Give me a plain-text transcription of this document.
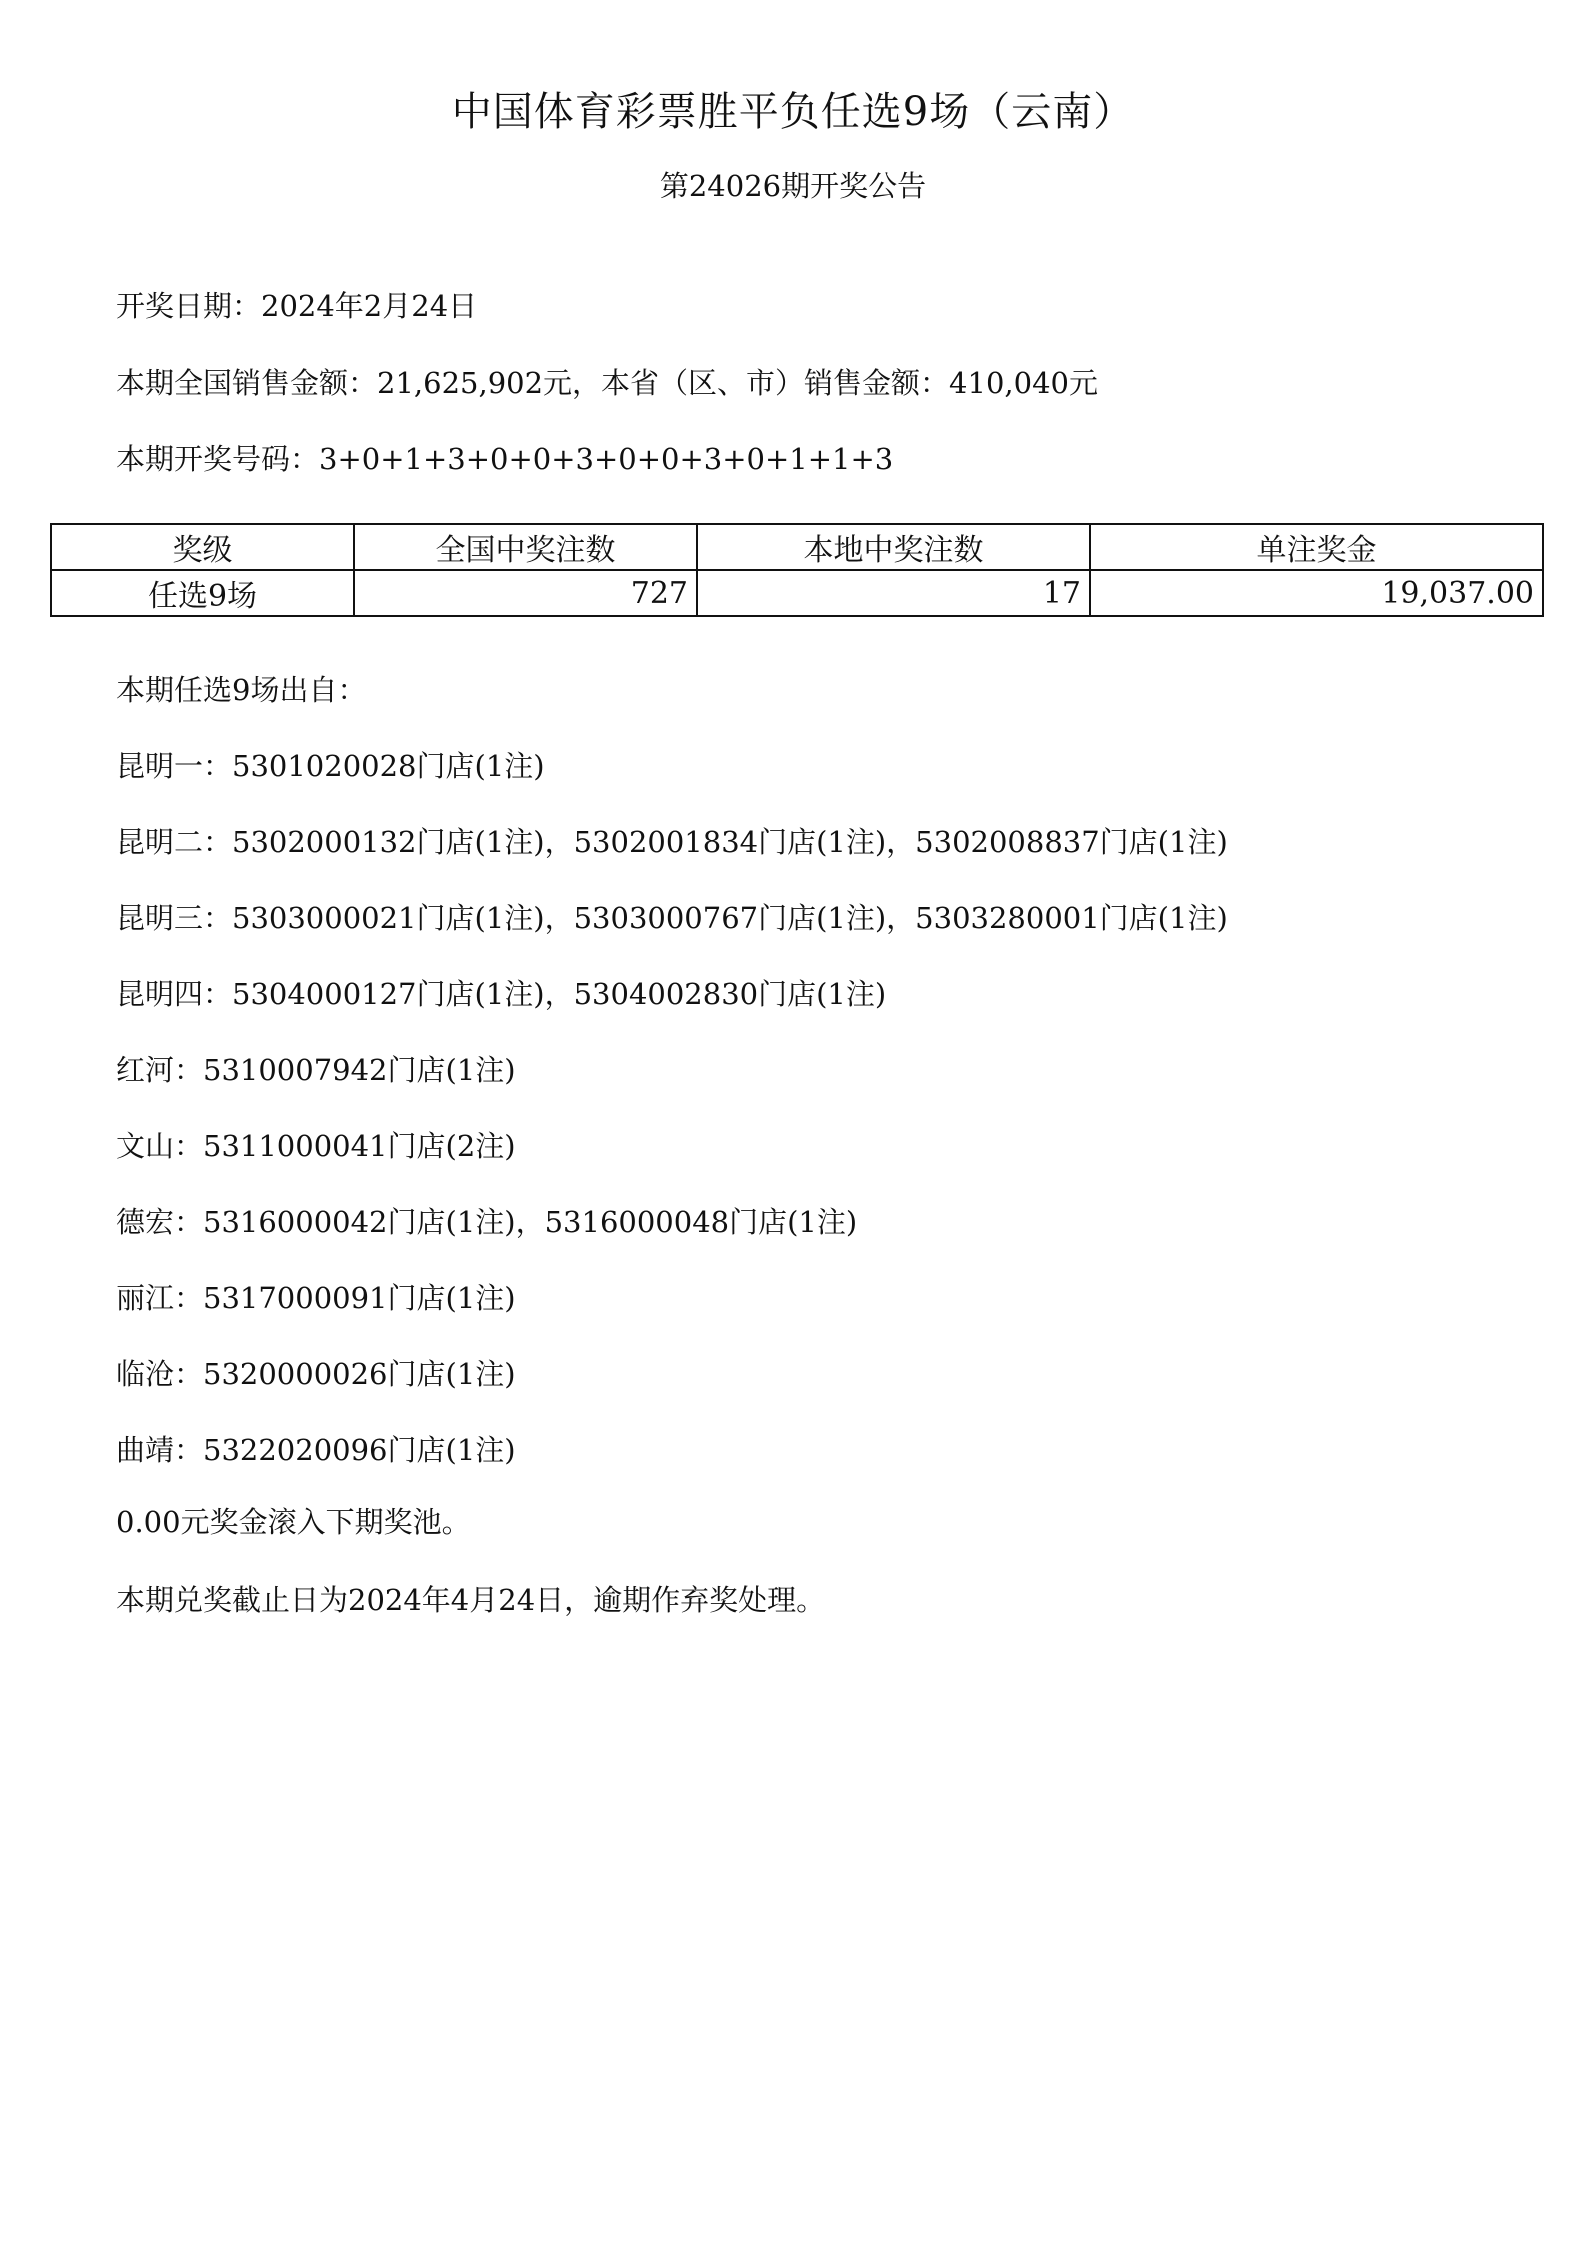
中国体育彩票胜平负任选9场（云南）
第24026期开奖公告
开奖日期：2024年2月24日
本期全国销售金额：21,625,902元，本省（区、市）销售金额：410,040元
本期开奖号码：3+0+1+3+0+0+3+0+0+3+0+1+1+3
奖级	全国中奖注数	本地中奖注数	单注奖金
任选9场	727	17	19,037.00
本期任选9场出自：
昆明一：5301020028门店(1注)
昆明二：5302000132门店(1注)，5302001834门店(1注)，5302008837门店(1注)
昆明三：5303000021门店(1注)，5303000767门店(1注)，5303280001门店(1注)
昆明四：5304000127门店(1注)，5304002830门店(1注)
红河：5310007942门店(1注)
文山：5311000041门店(2注)
德宏：5316000042门店(1注)，5316000048门店(1注)
丽江：5317000091门店(1注)
临沧：5320000026门店(1注)
曲靖：5322020096门店(1注)
0.00元奖金滚入下期奖池。
本期兑奖截止日为2024年4月24日，逾期作弃奖处理。
